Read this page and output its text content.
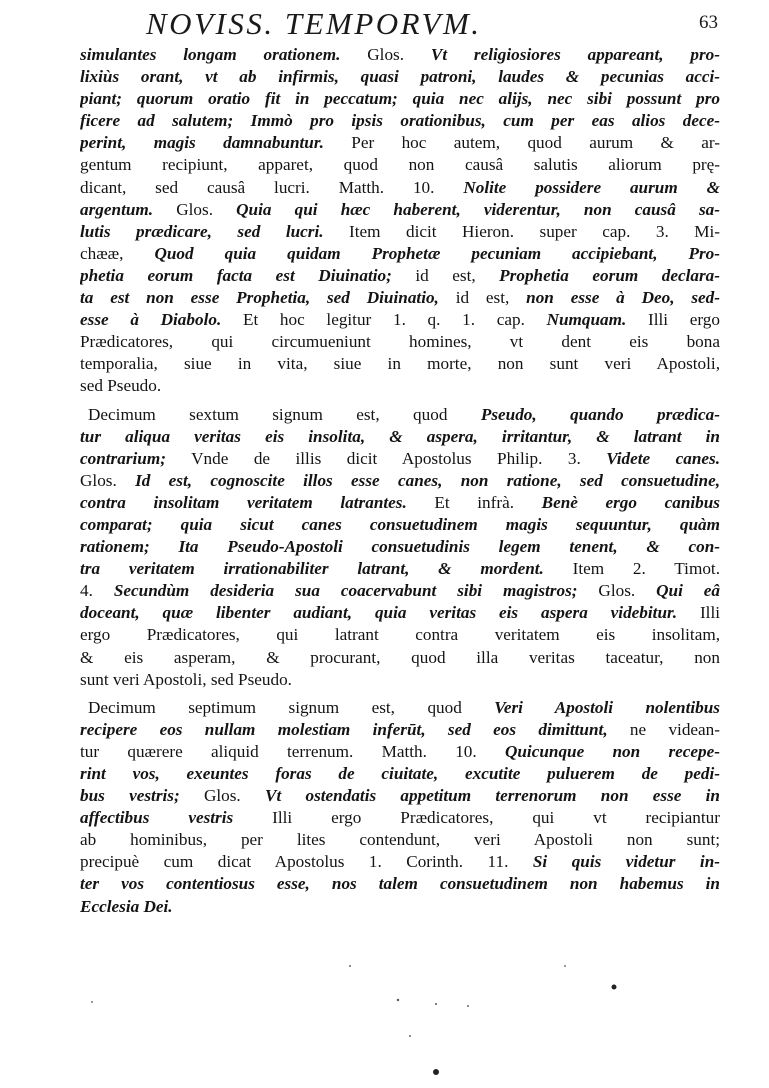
NOVISS. TEMPORVM.	63
simulantes longam orationem. Glos. Vt religiosiores appareant, pro-
lixiùs orant, vt ab infirmis, quasi patroni, laudes & pecunias acci-
piant; quorum oratio fit in peccatum; quia nec alijs, nec sibi possunt pro
ficere ad salutem; Immò pro ipsis orationibus, cum per eas alios dece-
perint, magis damnabuntur. Per hoc autem, quod aurum & ar-
gentum recipiunt, apparet, quod non causâ salutis aliorum prę-
dicant, sed causâ lucri. Matth. 10. Nolite possidere aurum &
argentum. Glos. Quia qui hæc haberent, viderentur, non causâ sa-
lutis prædicare, sed lucri. Item dicit Hieron. super cap. 3. Mi-
chææ, Quod quia quidam Prophetæ pecuniam accipiebant, Pro-
phetia eorum facta est Diuinatio; id est, Prophetia eorum declara-
ta est non esse Prophetia, sed Diuinatio, id est, non esse à Deo, sed-
esse à Diabolo. Et hoc legitur 1. q. 1. cap. Numquam. Illi ergo
Prædicatores, qui circumueniunt homines, vt dent eis bona
temporalia, siue in vita, siue in morte, non sunt veri Apostoli,
sed Pseudo.
Decimum sextum signum est, quod Pseudo, quando prædica-
tur aliqua veritas eis insolita, & aspera, irritantur, & latrant in
contrarium; Vnde de illis dicit Apostolus Philip. 3. Videte canes.
Glos. Id est, cognoscite illos esse canes, non ratione, sed consuetudine,
contra insolitam veritatem latrantes. Et infrà. Benè ergo canibus
comparat; quia sicut canes consuetudinem magis sequuntur, quàm
rationem; Ita Pseudo-Apostoli consuetudinis legem tenent, & con-
tra veritatem irrationabiliter latrant, & mordent. Item 2. Timot.
4. Secundùm desideria sua coacervabunt sibi magistros; Glos. Qui eâ
doceant, quæ libenter audiant, quia veritas eis aspera videbitur. Illi
ergo Prædicatores, qui latrant contra veritatem eis insolitam,
& eis asperam, & procurant, quod illa veritas taceatur, non
sunt veri Apostoli, sed Pseudo.
Decimum septimum signum est, quod Veri Apostoli nolentibus
recipere eos nullam molestiam inferūt, sed eos dimittunt, ne videan-
tur quærere aliquid terrenum. Matth. 10. Quicunque non recepe-
rint vos, exeuntes foras de ciuitate, excutite puluerem de pedi-
bus vestris; Glos. Vt ostendatis appetitum terrenorum non esse in
affectibus vestris Illi ergo Prædicatores, qui vt recipiantur
ab hominibus, per lites contendunt, veri Apostoli non sunt;
precipuè cum dicat Apostolus 1. Corinth. 11. Si quis videtur in-
ter vos contentiosus esse, nos talem consuetudinem non habemus in
Ecclesia Dei.
